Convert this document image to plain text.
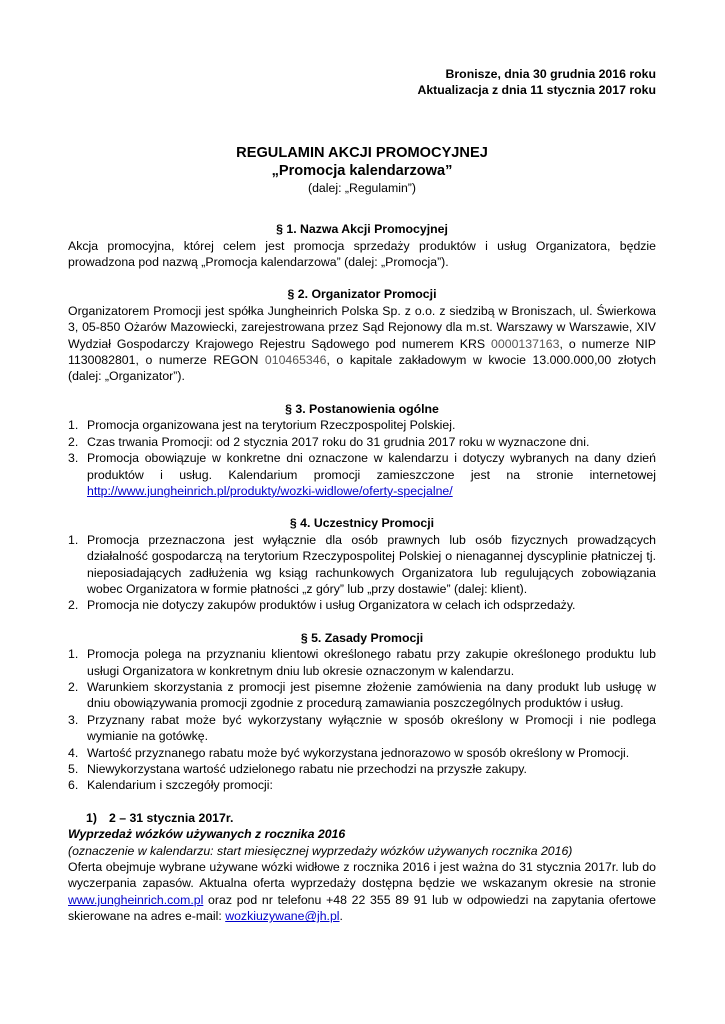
Bronisze, dnia 30 grudnia 2016 roku
Aktualizacja z dnia 11 stycznia 2017 roku
REGULAMIN AKCJI PROMOCYJNEJ
„Promocja kalendarzowa”
(dalej: „Regulamin”)
§ 1. Nazwa Akcji Promocyjnej
Akcja promocyjna, której celem jest promocja sprzedaży produktów i usług Organizatora, będzie prowadzona pod nazwą „Promocja kalendarzowa” (dalej: „Promocja”).
§ 2. Organizator Promocji
Organizatorem Promocji jest spółka Jungheinrich Polska Sp. z o.o. z siedzibą w Broniszach, ul. Świerkowa 3, 05-850 Ożarów Mazowiecki, zarejestrowana przez Sąd Rejonowy dla m.st. Warszawy w Warszawie, XIV Wydział Gospodarczy Krajowego Rejestru Sądowego pod numerem KRS 0000137163, o numerze NIP 1130082801, o numerze REGON 010465346, o kapitale zakładowym w kwocie 13.000.000,00 złotych (dalej: „Organizator”).
§ 3. Postanowienia ogólne
1. Promocja organizowana jest na terytorium Rzeczpospolitej Polskiej.
2. Czas trwania Promocji: od 2 stycznia 2017 roku do 31 grudnia 2017 roku w wyznaczone dni.
3. Promocja obowiązuje w konkretne dni oznaczone w kalendarzu i dotyczy wybranych na dany dzień produktów i usług. Kalendarium promocji zamieszczone jest na stronie internetowej http://www.jungheinrich.pl/produkty/wozki-widlowe/oferty-specjalne/
§ 4. Uczestnicy Promocji
1. Promocja przeznaczona jest wyłącznie dla osób prawnych lub osób fizycznych prowadzących działalność gospodarczą na terytorium Rzeczypospolitej Polskiej o nienagannej dyscyplinie płatniczej tj. nieposiadających zadłużenia wg ksiąg rachunkowych Organizatora lub regulujących zobowiązania wobec Organizatora w formie płatności „z góry” lub „przy dostawie” (dalej: klient).
2. Promocja nie dotyczy zakupów produktów i usług Organizatora w celach ich odsprzedaży.
§ 5. Zasady Promocji
1. Promocja polega na przyznaniu klientowi określonego rabatu przy zakupie określonego produktu lub usługi Organizatora w konkretnym dniu lub okresie oznaczonym w kalendarzu.
2. Warunkiem skorzystania z promocji jest pisemne złożenie zamówienia na dany produkt lub usługę w dniu obowiązywania promocji zgodnie z procedurą zamawiania poszczególnych produktów i usług.
3. Przyznany rabat może być wykorzystany wyłącznie w sposób określony w Promocji i nie podlega wymianie na gotówkę.
4. Wartość przyznanego rabatu może być wykorzystana jednorazowo w sposób określony w Promocji.
5. Niewykorzystana wartość udzielonego rabatu nie przechodzi na przyszłe zakupy.
6. Kalendarium i szczegóły promocji:
1) 2 – 31 stycznia 2017r.
Wyprzedaż wózków używanych z rocznika 2016
(oznaczenie w kalendarzu: start miesięcznej wyprzedaży wózków używanych rocznika 2016)
Oferta obejmuje wybrane używane wózki widłowe z rocznika 2016 i jest ważna do 31 stycznia 2017r. lub do wyczerpania zapasów. Aktualna oferta wyprzedaży dostępna będzie we wskazanym okresie na stronie www.jungheinrich.com.pl oraz pod nr telefonu +48 22 355 89 91 lub w odpowiedzi na zapytania ofertowe skierowane na adres e-mail: wozkiuzywane@jh.pl.
